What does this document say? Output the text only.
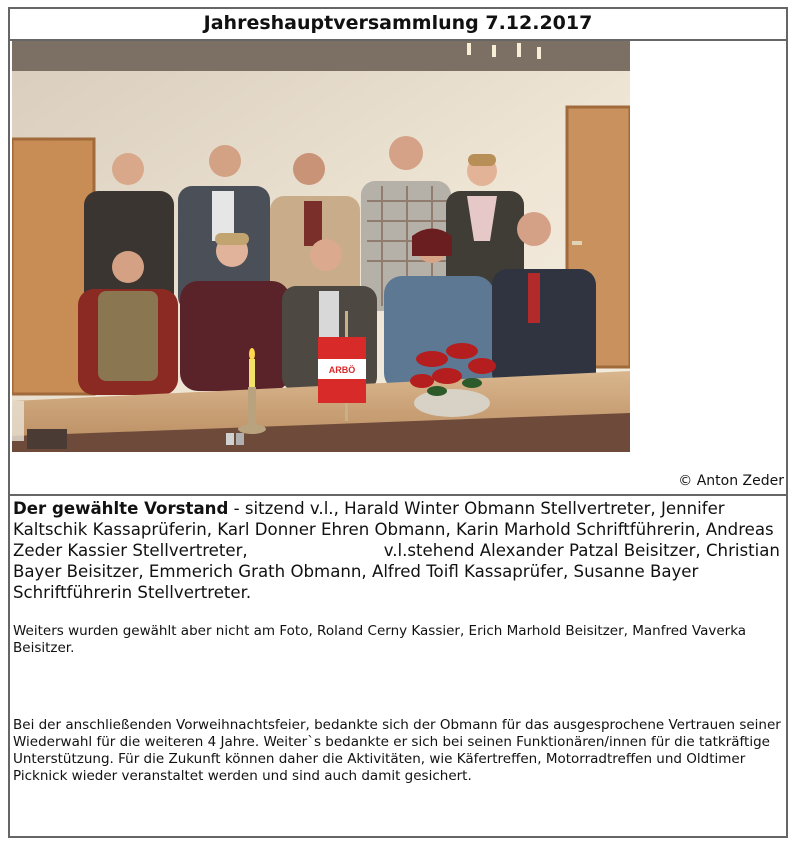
Jahreshauptversammlung 7.12.2017
ARBÖ
© Anton Zeder

Der gewählte Vorstand - sitzend v.l., Harald Winter Obmann Stellvertreter, Jennifer Kaltschik Kassaprüferin, Karl Donner Ehren Obmann, Karin Marhold Schriftführerin, Andreas Zeder Kassier Stellvertreter,	v.l.stehend Alexander Patzal Beisitzer, Christian Bayer Beisitzer, Emmerich Grath Obmann, Alfred Toifl Kassaprüfer, Susanne Bayer Schriftführerin Stellvertreter.

Weiters wurden gewählt aber nicht am Foto, Roland Cerny Kassier, Erich Marhold Beisitzer, Manfred Vaverka Beisitzer.

Bei der anschließenden Vorweihnachtsfeier, bedankte sich der Obmann für das ausgesprochene Vertrauen seiner Wiederwahl für die weiteren 4 Jahre. Weiter`s bedankte er sich bei seinen Funktionären/innen für die tatkräftige Unterstützung. Für die Zukunft können daher die Aktivitäten, wie Käfertreffen, Motorradtreffen und Oldtimer Picknick wieder veranstaltet werden und sind auch damit gesichert.
